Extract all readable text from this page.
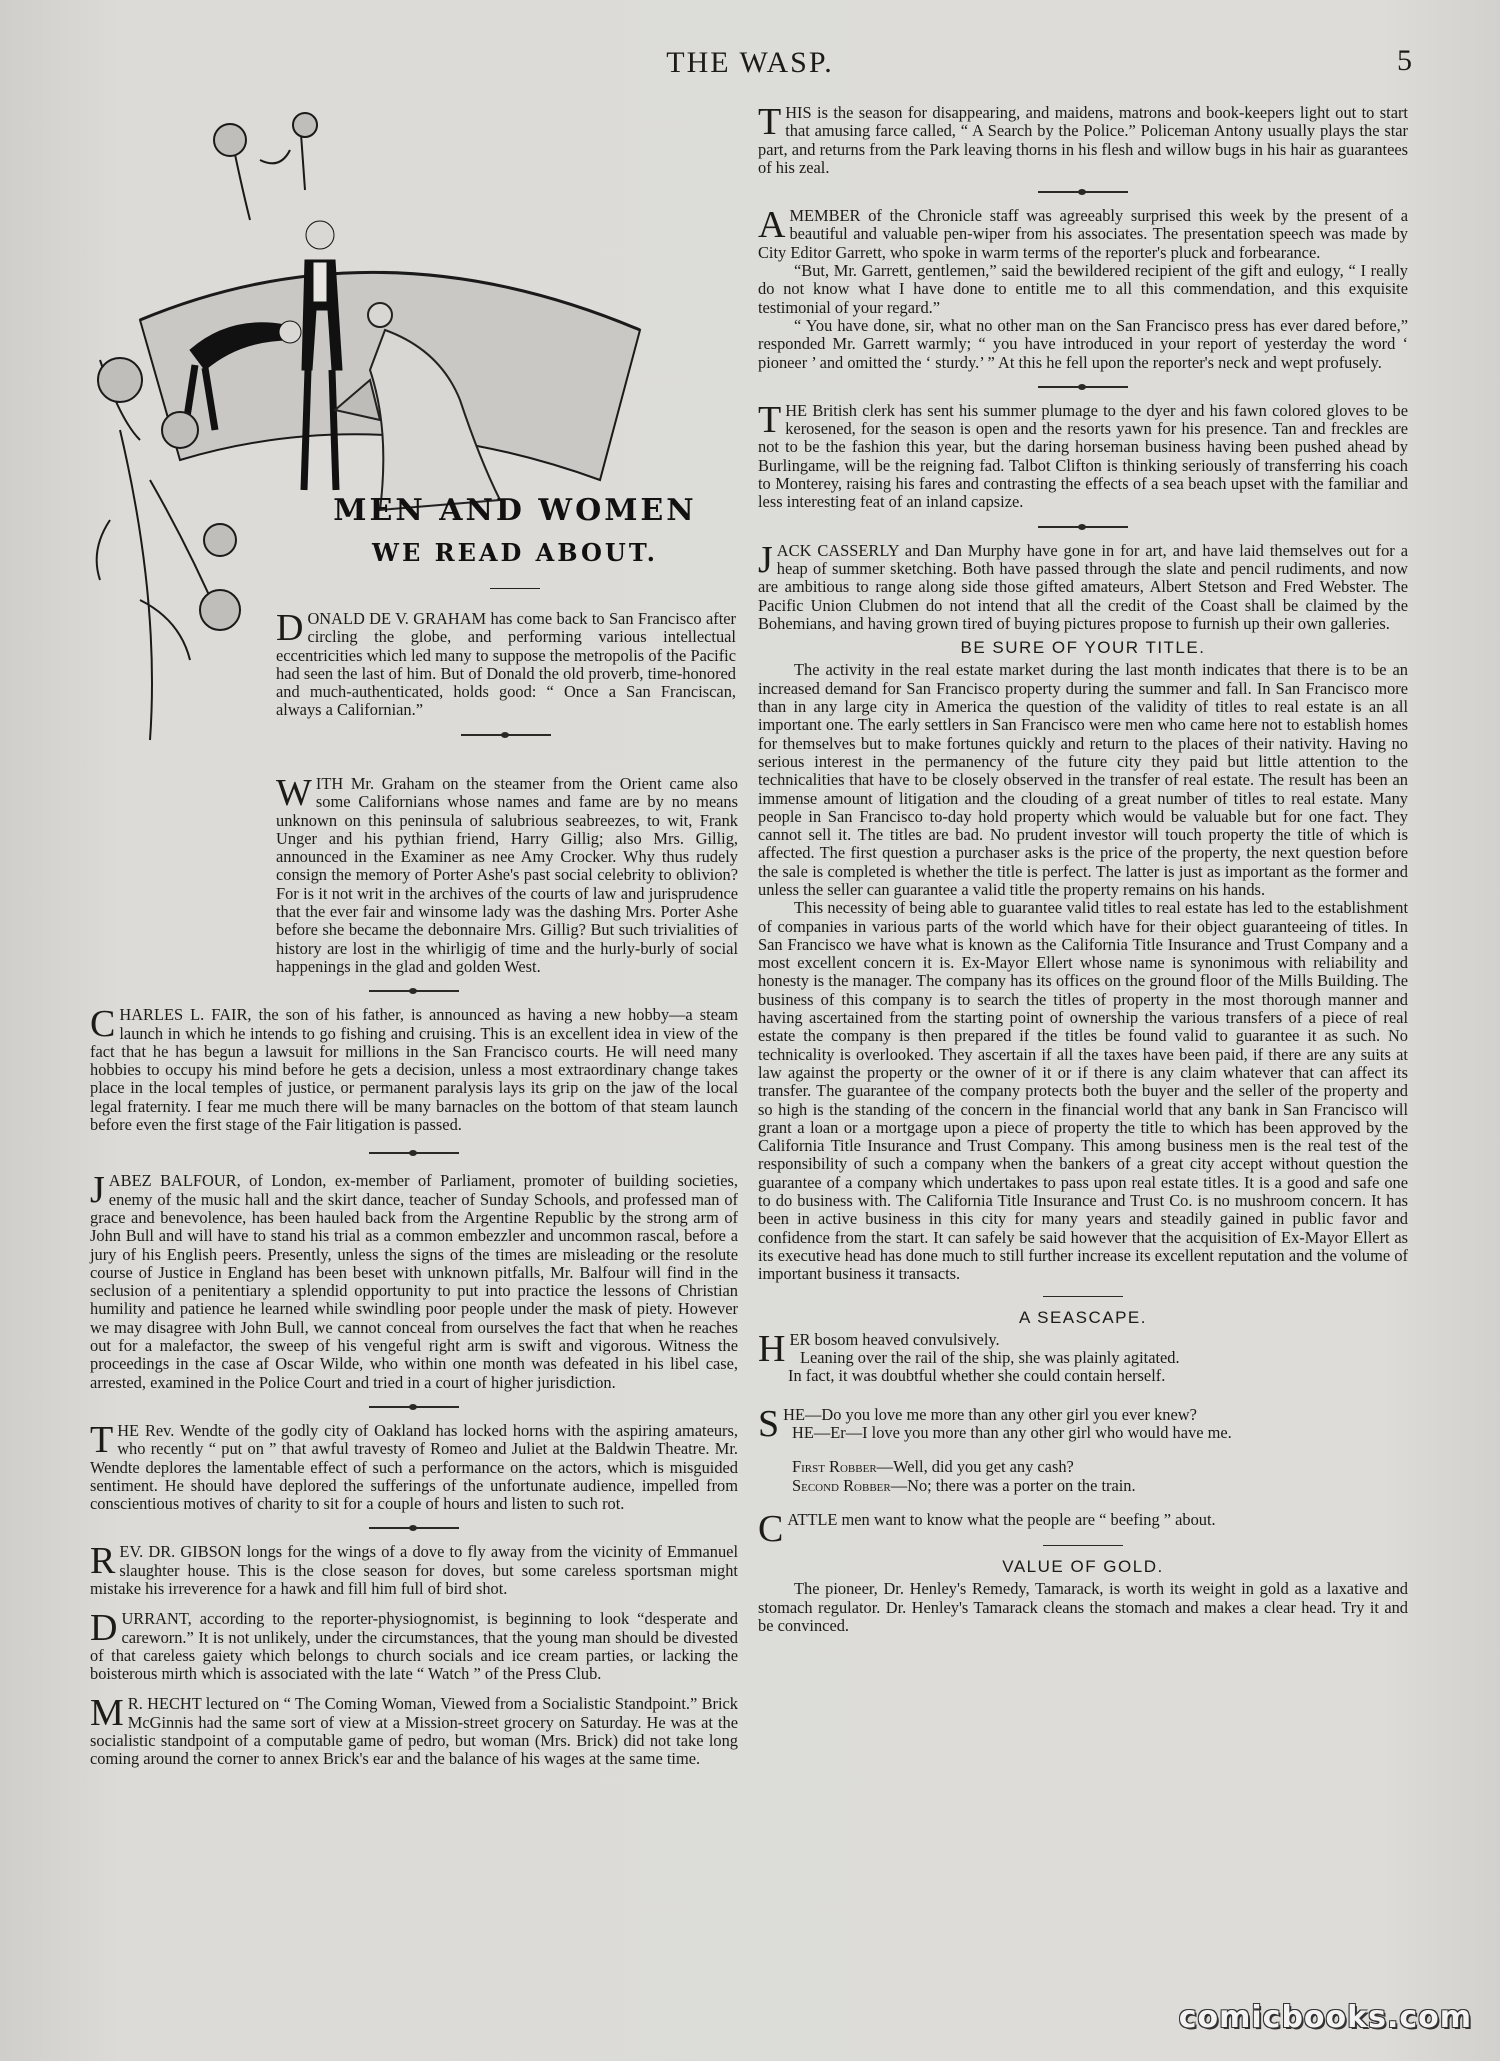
THE WASP.	5
MEN AND WOMEN
WE READ ABOUT.

DONALD DE V. GRAHAM has come back to San Francisco after circling the globe, and performing various intellectual eccentricities which led many to suppose the metropolis of the Pacific had seen the last of him. But of Donald the old proverb, time-honored and much-authenticated, holds good: “ Once a San Franciscan, always a Californian.”

WITH Mr. Graham on the steamer from the Orient came also some Californians whose names and fame are by no means unknown on this peninsula of salubrious seabreezes, to wit, Frank Unger and his pythian friend, Harry Gillig; also Mrs. Gillig, announced in the Examiner as nee Amy Crocker. Why thus rudely consign the memory of Porter Ashe's past social celebrity to oblivion? For is it not writ in the archives of the courts of law and jurisprudence that the ever fair and winsome lady was the dashing Mrs. Porter Ashe before she became the debonnaire Mrs. Gillig? But such trivialities of history are lost in the whirligig of time and the hurly-burly of social happenings in the glad and golden West.

CHARLES L. FAIR, the son of his father, is announced as having a new hobby—a steam launch in which he intends to go fishing and cruising. This is an excellent idea in view of the fact that he has begun a lawsuit for millions in the San Francisco courts. He will need many hobbies to occupy his mind before he gets a decision, unless a most extraordinary change takes place in the local temples of justice, or permanent paralysis lays its grip on the jaw of the local legal fraternity. I fear me much there will be many barnacles on the bottom of that steam launch before even the first stage of the Fair litigation is passed.

JABEZ BALFOUR, of London, ex-member of Parliament, promoter of building societies, enemy of the music hall and the skirt dance, teacher of Sunday Schools, and professed man of grace and benevolence, has been hauled back from the Argentine Republic by the strong arm of John Bull and will have to stand his trial as a common embezzler and uncommon rascal, before a jury of his English peers. Presently, unless the signs of the times are misleading or the resolute course of Justice in England has been beset with unknown pitfalls, Mr. Balfour will find in the seclusion of a penitentiary a splendid opportunity to put into practice the lessons of Christian humility and patience he learned while swindling poor people under the mask of piety. However we may disagree with John Bull, we cannot conceal from ourselves the fact that when he reaches out for a malefactor, the sweep of his vengeful right arm is swift and vigorous. Witness the proceedings in the case af Oscar Wilde, who within one month was defeated in his libel case, arrested, examined in the Police Court and tried in a court of higher jurisdiction.

THE Rev. Wendte of the godly city of Oakland has locked horns with the aspiring amateurs, who recently “ put on ” that awful travesty of Romeo and Juliet at the Baldwin Theatre. Mr. Wendte deplores the lamentable effect of such a performance on the actors, which is misguided sentiment. He should have deplored the sufferings of the unfortunate audience, impelled from conscientious motives of charity to sit for a couple of hours and listen to such rot.

REV. DR. GIBSON longs for the wings of a dove to fly away from the vicinity of Emmanuel slaughter house. This is the close season for doves, but some careless sportsman might mistake his irreverence for a hawk and fill him full of bird shot.

DURRANT, according to the reporter-physiognomist, is beginning to look “desperate and careworn.” It is not unlikely, under the circumstances, that the young man should be divested of that careless gaiety which belongs to church socials and ice cream parties, or lacking the boisterous mirth which is associated with the late “ Watch ” of the Press Club.

M R. HECHT lectured on “ The Coming Woman, Viewed from a Socialistic Standpoint.” Brick McGinnis had the same sort of view at a Mission-street grocery on Saturday. He was at the socialistic standpoint of a computable game of pedro, but woman (Mrs. Brick) did not take long coming around the corner to annex Brick's ear and the balance of his wages at the same time.

THIS is the season for disappearing, and maidens, matrons and book-keepers light out to start that amusing farce called, “ A Search by the Police.” Policeman Antony usually plays the star part, and returns from the Park leaving thorns in his flesh and willow bugs in his hair as guarantees of his zeal.

A MEMBER of the Chronicle staff was agreeably surprised this week by the present of a beautiful and valuable pen-wiper from his associates. The presentation speech was made by City Editor Garrett, who spoke in warm terms of the reporter's pluck and forbearance.

“But, Mr. Garrett, gentlemen,” said the bewildered recipient of the gift and eulogy, “ I really do not know what I have done to entitle me to all this commendation, and this exquisite testimonial of your regard.”

“ You have done, sir, what no other man on the San Francisco press has ever dared before,” responded Mr. Garrett warmly; “ you have introduced in your report of yesterday the word ‘ pioneer ’ and omitted the ‘ sturdy.’ ” At this he fell upon the reporter's neck and wept profusely.

THE British clerk has sent his summer plumage to the dyer and his fawn colored gloves to be kerosened, for the season is open and the resorts yawn for his presence. Tan and freckles are not to be the fashion this year, but the daring horseman business having been pushed ahead by Burlingame, will be the reigning fad. Talbot Clifton is thinking seriously of transferring his coach to Monterey, raising his fares and contrasting the effects of a sea beach upset with the familiar and less interesting feat of an inland capsize.

JACK CASSERLY and Dan Murphy have gone in for art, and have laid themselves out for a heap of summer sketching. Both have passed through the slate and pencil rudiments, and now are ambitious to range along side those gifted amateurs, Albert Stetson and Fred Webster. The Pacific Union Clubmen do not intend that all the credit of the Coast shall be claimed by the Bohemians, and having grown tired of buying pictures propose to furnish up their own galleries.

BE SURE OF YOUR TITLE.

The activity in the real estate market during the last month indicates that there is to be an increased demand for San Francisco property during the summer and fall. In San Francisco more than in any large city in America the question of the validity of titles to real estate is an all important one. The early settlers in San Francisco were men who came here not to establish homes for themselves but to make fortunes quickly and return to the places of their nativity. Having no serious interest in the permanency of the future city they paid but little attention to the technicalities that have to be closely observed in the transfer of real estate. The result has been an immense amount of litigation and the clouding of a great number of titles to real estate. Many people in San Francisco to-day hold property which would be valuable but for one fact. They cannot sell it. The titles are bad. No prudent investor will touch property the title of which is affected. The first question a purchaser asks is the price of the property, the next question before the sale is completed is whether the title is perfect. The latter is just as important as the former and unless the seller can guarantee a valid title the property remains on his hands.

This necessity of being able to guarantee valid titles to real estate has led to the establishment of companies in various parts of the world which have for their object guaranteeing of titles. In San Francisco we have what is known as the California Title Insurance and Trust Company and a most excellent concern it is. Ex-Mayor Ellert whose name is synonimous with reliability and honesty is the manager. The company has its offices on the ground floor of the Mills Building. The business of this company is to search the titles of property in the most thorough manner and having ascertained from the starting point of ownership the various transfers of a piece of real estate the company is then prepared if the titles be found valid to guarantee it as such. No technicality is overlooked. They ascertain if all the taxes have been paid, if there are any suits at law against the property or the owner of it or if there is any claim whatever that can affect its transfer. The guarantee of the company protects both the buyer and the seller of the property and so high is the standing of the concern in the financial world that any bank in San Francisco will grant a loan or a mortgage upon a piece of property the title to which has been approved by the California Title Insurance and Trust Company. This among business men is the real test of the responsibility of such a company when the bankers of a great city accept without question the guarantee of a company which undertakes to pass upon real estate titles. It is a good and safe one to do business with. The California Title Insurance and Trust Co. is no mushroom concern. It has been in active business in this city for many years and steadily gained in public favor and confidence from the start. It can safely be said however that the acquisition of Ex-Mayor Ellert as its executive head has done much to still further increase its excellent reputation and the volume of important business it transacts.

A SEASCAPE.

HER bosom heaved convulsively.

Leaning over the rail of the ship, she was plainly agitated.

In fact, it was doubtful whether she could contain herself.

SHE—Do you love me more than any other girl you ever knew?

HE—Er—I love you more than any other girl who would have me.

First Robber—Well, did you get any cash?

Second Robber—No; there was a porter on the train.

CATTLE men want to know what the people are “ beefing ” about.

VALUE OF GOLD.

The pioneer, Dr. Henley's Remedy, Tamarack, is worth its weight in gold as a laxative and stomach regulator. Dr. Henley's Tamarack cleans the stomach and makes a clear head. Try it and be convinced.

comicbooks.com
